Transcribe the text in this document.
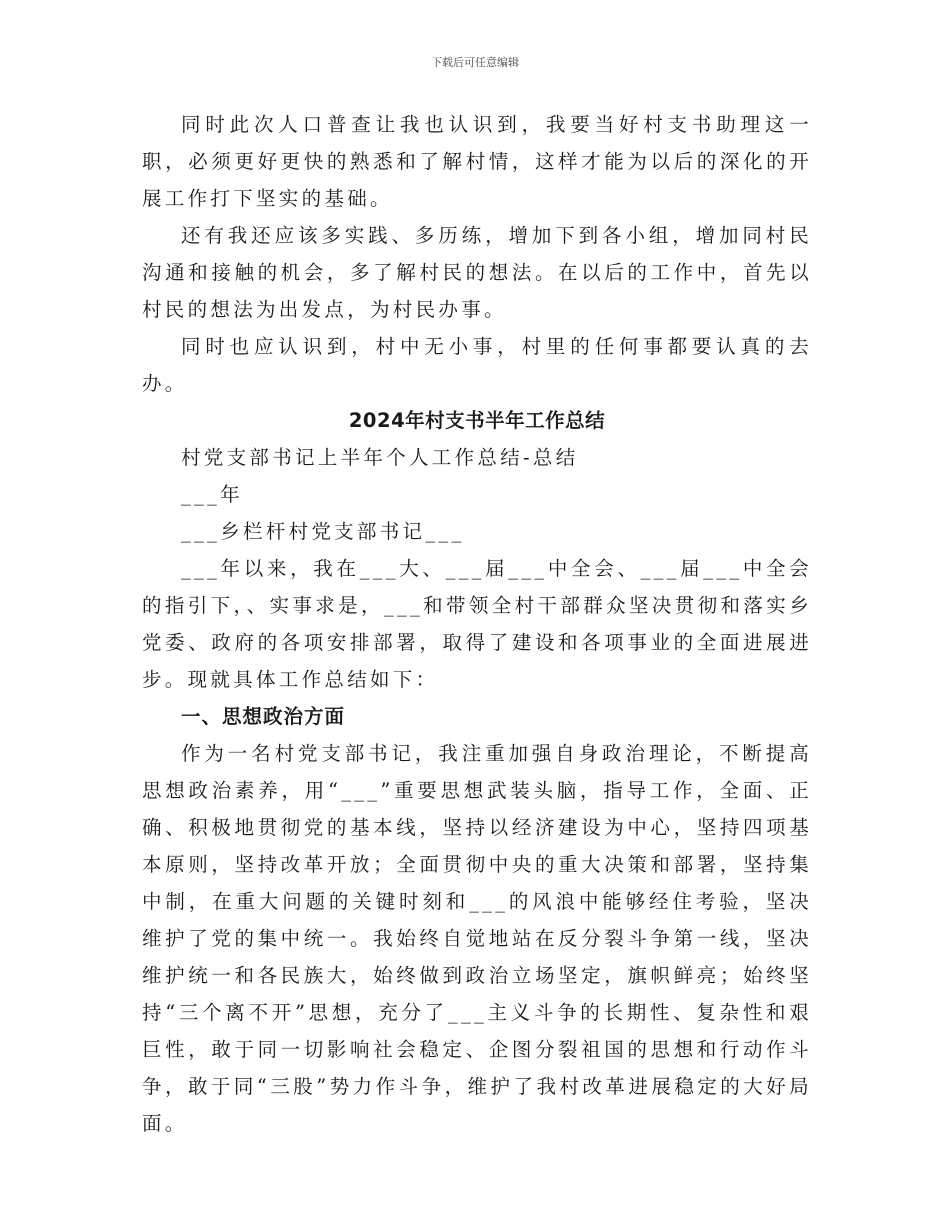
下载后可任意编辑

同时此次人口普查让我也认识到，我要当好村支书助理这一职，必须更好更快的熟悉和了解村情，这样才能为以后的深化的开展工作打下坚实的基础。

还有我还应该多实践、多历练，增加下到各小组，增加同村民沟通和接触的机会，多了解村民的想法。在以后的工作中，首先以村民的想法为出发点，为村民办事。

同时也应认识到，村中无小事，村里的任何事都要认真的去办。

2024年村支书半年工作总结

村党支部书记上半年个人工作总结-总结

___年

___乡栏杆村党支部书记___

___年以来，我在___大、___届___中全会、___届___中全会的指引下，、实事求是，___和带领全村干部群众坚决贯彻和落实乡党委、政府的各项安排部署，取得了建设和各项事业的全面进展进步。现就具体工作总结如下：

一、思想政治方面

作为一名村党支部书记，我注重加强自身政治理论，不断提高思想政治素养，用“___”重要思想武装头脑，指导工作，全面、正确、积极地贯彻党的基本线，坚持以经济建设为中心，坚持四项基本原则，坚持改革开放；全面贯彻中央的重大决策和部署，坚持集中制，在重大问题的关键时刻和___的风浪中能够经住考验，坚决维护了党的集中统一。我始终自觉地站在反分裂斗争第一线，坚决维护统一和各民族大，始终做到政治立场坚定，旗帜鲜亮；始终坚持“三个离不开”思想，充分了___主义斗争的长期性、复杂性和艰巨性，敢于同一切影响社会稳定、企图分裂祖国的思想和行动作斗争，敢于同“三股”势力作斗争，维护了我村改革进展稳定的大好局面。
